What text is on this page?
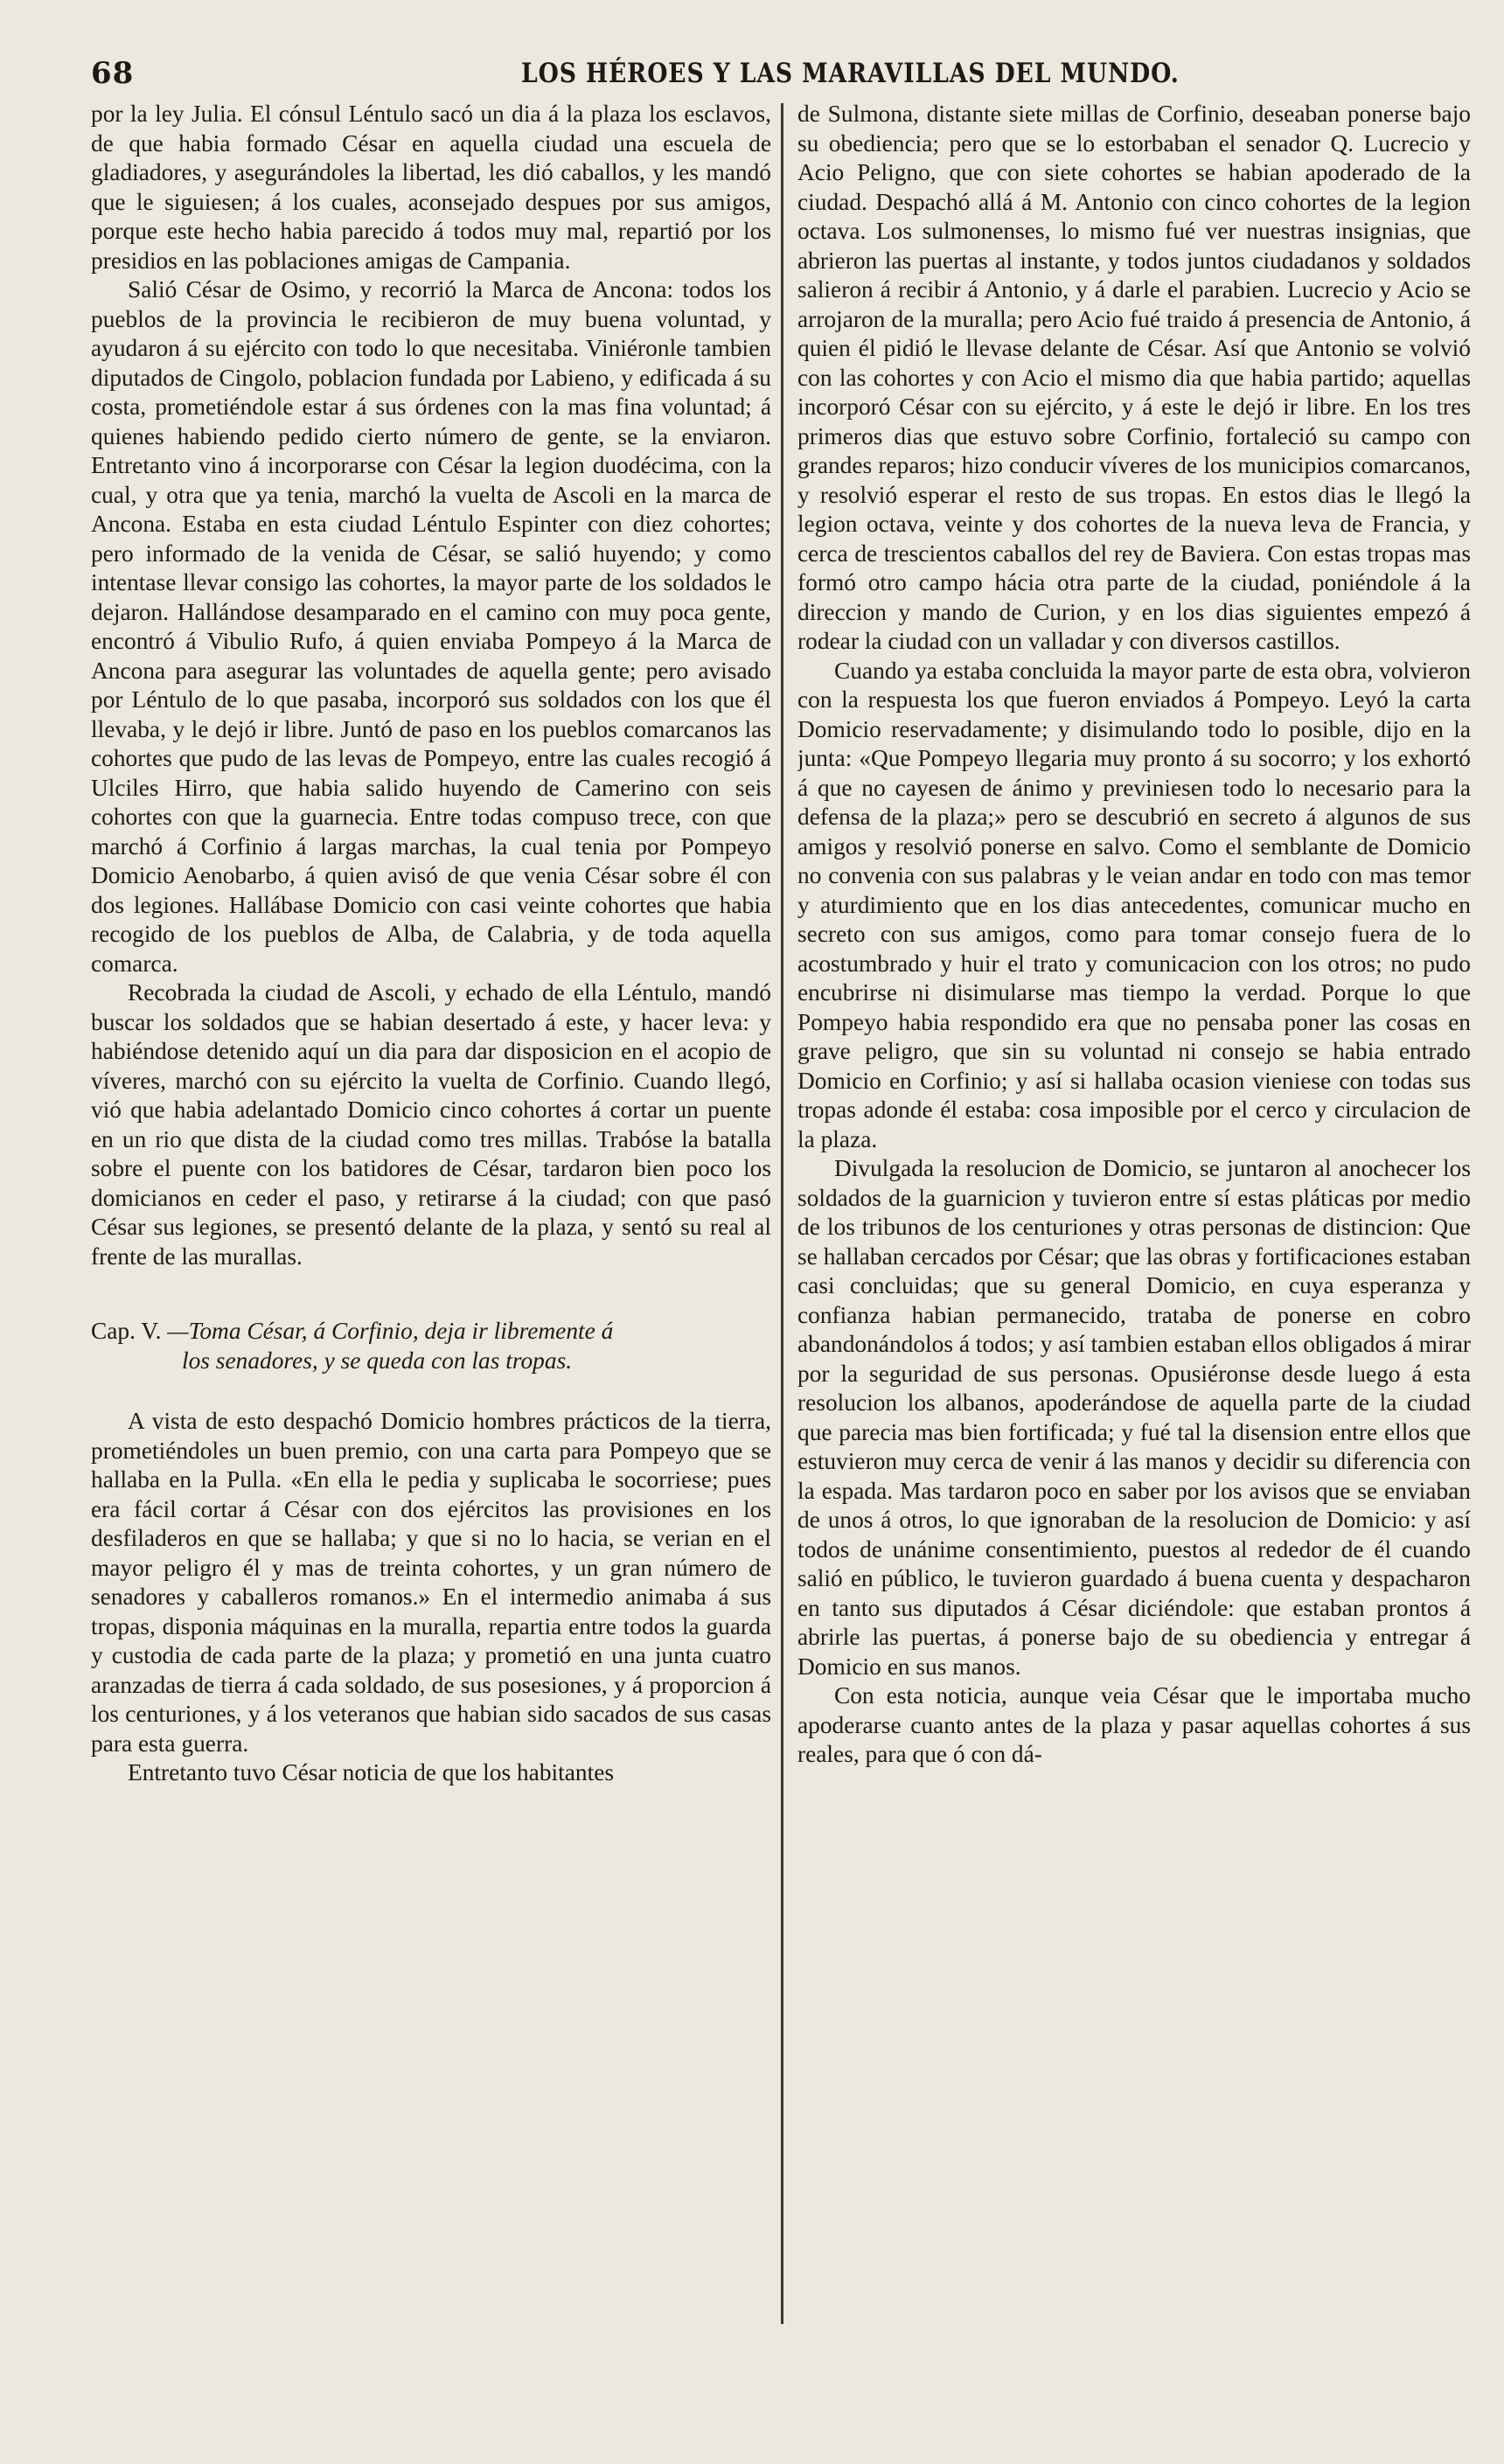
68	LOS HÉROES Y LAS MARAVILLAS DEL MUNDO.

por la ley Julia. El cónsul Léntulo sacó un dia á la plaza los esclavos, de que habia formado César en aquella ciudad una escuela de gladiadores, y asegurándoles la libertad, les dió caballos, y les mandó que le siguiesen; á los cuales, aconsejado despues por sus amigos, porque este hecho habia parecido á todos muy mal, repartió por los presidios en las poblaciones amigas de Campania.

Salió César de Osimo, y recorrió la Marca de Ancona: todos los pueblos de la provincia le recibieron de muy buena voluntad, y ayudaron á su ejército con todo lo que necesitaba. Viniéronle tambien diputados de Cingolo, poblacion fundada por Labieno, y edificada á su costa, prometiéndole estar á sus órdenes con la mas fina voluntad; á quienes habiendo pedido cierto número de gente, se la enviaron. Entretanto vino á incorporarse con César la legion duodécima, con la cual, y otra que ya tenia, marchó la vuelta de Ascoli en la marca de Ancona. Estaba en esta ciudad Léntulo Espinter con diez cohortes; pero informado de la venida de César, se salió huyendo; y como intentase llevar consigo las cohortes, la mayor parte de los soldados le dejaron. Hallándose desamparado en el camino con muy poca gente, encontró á Vibulio Rufo, á quien enviaba Pompeyo á la Marca de Ancona para asegurar las voluntades de aquella gente; pero avisado por Léntulo de lo que pasaba, incorporó sus soldados con los que él llevaba, y le dejó ir libre. Juntó de paso en los pueblos comarcanos las cohortes que pudo de las levas de Pompeyo, entre las cuales recogió á Ulciles Hirro, que habia salido huyendo de Camerino con seis cohortes con que la guarnecia. Entre todas compuso trece, con que marchó á Corfinio á largas marchas, la cual tenia por Pompeyo Domicio Aenobarbo, á quien avisó de que venia César sobre él con dos legiones. Hallábase Domicio con casi veinte cohortes que habia recogido de los pueblos de Alba, de Calabria, y de toda aquella comarca.

Recobrada la ciudad de Ascoli, y echado de ella Léntulo, mandó buscar los soldados que se habian desertado á este, y hacer leva: y habiéndose detenido aquí un dia para dar disposicion en el acopio de víveres, marchó con su ejército la vuelta de Corfinio. Cuando llegó, vió que habia adelantado Domicio cinco cohortes á cortar un puente en un rio que dista de la ciudad como tres millas. Trabóse la batalla sobre el puente con los batidores de César, tardaron bien poco los domicianos en ceder el paso, y retirarse á la ciudad; con que pasó César sus legiones, se presentó delante de la plaza, y sentó su real al frente de las murallas.

Cap. V. —Toma César, á Corfinio, deja ir libremente á
los senadores, y se queda con las tropas.

A vista de esto despachó Domicio hombres prácticos de la tierra, prometiéndoles un buen premio, con una carta para Pompeyo que se hallaba en la Pulla. «En ella le pedia y suplicaba le socorriese; pues era fácil cortar á César con dos ejércitos las provisiones en los desfiladeros en que se hallaba; y que si no lo hacia, se verian en el mayor peligro él y mas de treinta cohortes, y un gran número de senadores y caballeros romanos.» En el intermedio animaba á sus tropas, disponia máquinas en la muralla, repartia entre todos la guarda y custodia de cada parte de la plaza; y prometió en una junta cuatro aranzadas de tierra á cada soldado, de sus posesiones, y á proporcion á los centuriones, y á los veteranos que habian sido sacados de sus casas para esta guerra.

Entretanto tuvo César noticia de que los habitantes

de Sulmona, distante siete millas de Corfinio, deseaban ponerse bajo su obediencia; pero que se lo estorbaban el senador Q. Lucrecio y Acio Peligno, que con siete cohortes se habian apoderado de la ciudad. Despachó allá á M. Antonio con cinco cohortes de la legion octava. Los sulmonenses, lo mismo fué ver nuestras insignias, que abrieron las puertas al instante, y todos juntos ciudadanos y soldados salieron á recibir á Antonio, y á darle el parabien. Lucrecio y Acio se arrojaron de la muralla; pero Acio fué traido á presencia de Antonio, á quien él pidió le llevase delante de César. Así que Antonio se volvió con las cohortes y con Acio el mismo dia que habia partido; aquellas incorporó César con su ejército, y á este le dejó ir libre. En los tres primeros dias que estuvo sobre Corfinio, fortaleció su campo con grandes reparos; hizo conducir víveres de los municipios comarcanos, y resolvió esperar el resto de sus tropas. En estos dias le llegó la legion octava, veinte y dos cohortes de la nueva leva de Francia, y cerca de trescientos caballos del rey de Baviera. Con estas tropas mas formó otro campo hácia otra parte de la ciudad, poniéndole á la direccion y mando de Curion, y en los dias siguientes empezó á rodear la ciudad con un valladar y con diversos castillos.

Cuando ya estaba concluida la mayor parte de esta obra, volvieron con la respuesta los que fueron enviados á Pompeyo. Leyó la carta Domicio reservadamente; y disimulando todo lo posible, dijo en la junta: «Que Pompeyo llegaria muy pronto á su socorro; y los exhortó á que no cayesen de ánimo y previniesen todo lo necesario para la defensa de la plaza;» pero se descubrió en secreto á algunos de sus amigos y resolvió ponerse en salvo. Como el semblante de Domicio no convenia con sus palabras y le veian andar en todo con mas temor y aturdimiento que en los dias antecedentes, comunicar mucho en secreto con sus amigos, como para tomar consejo fuera de lo acostumbrado y huir el trato y comunicacion con los otros; no pudo encubrirse ni disimularse mas tiempo la verdad. Porque lo que Pompeyo habia respondido era que no pensaba poner las cosas en grave peligro, que sin su voluntad ni consejo se habia entrado Domicio en Corfinio; y así si hallaba ocasion vieniese con todas sus tropas adonde él estaba: cosa imposible por el cerco y circulacion de la plaza.

Divulgada la resolucion de Domicio, se juntaron al anochecer los soldados de la guarnicion y tuvieron entre sí estas pláticas por medio de los tribunos de los centuriones y otras personas de distincion: Que se hallaban cercados por César; que las obras y fortificaciones estaban casi concluidas; que su general Domicio, en cuya esperanza y confianza habian permanecido, trataba de ponerse en cobro abandonándolos á todos; y así tambien estaban ellos obligados á mirar por la seguridad de sus personas. Opusiéronse desde luego á esta resolucion los albanos, apoderándose de aquella parte de la ciudad que parecia mas bien fortificada; y fué tal la disension entre ellos que estuvieron muy cerca de venir á las manos y decidir su diferencia con la espada. Mas tardaron poco en saber por los avisos que se enviaban de unos á otros, lo que ignoraban de la resolucion de Domicio: y así todos de unánime consentimiento, puestos al rededor de él cuando salió en público, le tuvieron guardado á buena cuenta y despacharon en tanto sus diputados á César diciéndole: que estaban prontos á abrirle las puertas, á ponerse bajo de su obediencia y entregar á Domicio en sus manos.

Con esta noticia, aunque veia César que le importaba mucho apoderarse cuanto antes de la plaza y pasar aquellas cohortes á sus reales, para que ó con dá-
